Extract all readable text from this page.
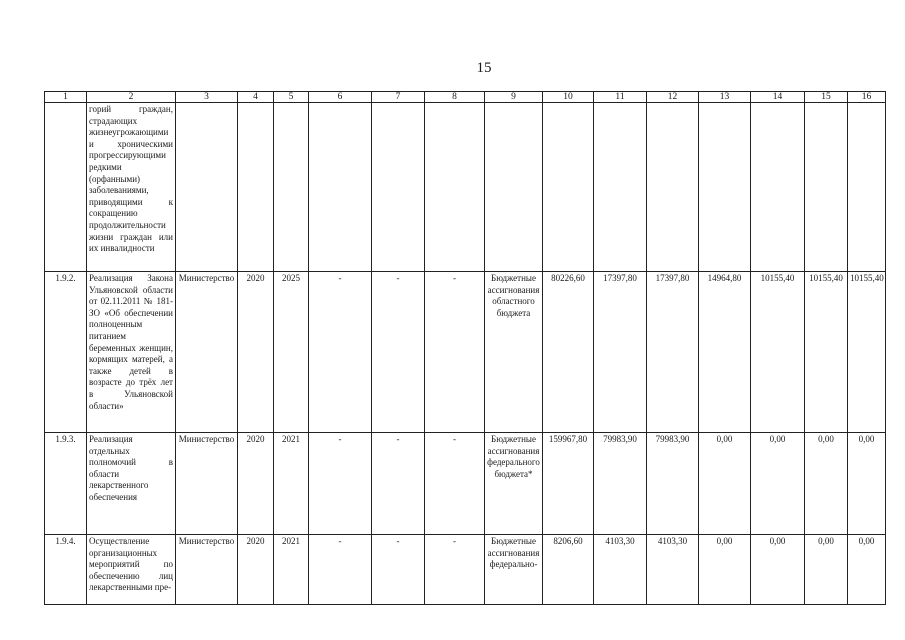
15
1	2	3	4	5	6	7	8	9	10	11	12	13	14	15	16
	горий граждан, страдающих жизнеугрожающими и хроническими прогрессирующими редкими (орфанными) заболеваниями, приводящими к сокращению продолжительности жизни граждан или их инвалидности														
1.9.2.	Реализация Закона Ульяновской области от 02.11.2011 № 181-ЗО «Об обеспечении полноценным питанием беременных женщин, кормящих матерей, а также детей в возрасте до трёх лет в Ульяновской области»	Министерство	2020	2025	-	-	-	Бюджетные ассигнования областного бюджета	80226,60	17397,80	17397,80	14964,80	10155,40	10155,40	10155,40
1.9.3.	Реализация отдельных полномочий в области лекарственного обеспечения	Министерство	2020	2021	-	-	-	Бюджетные ассигнования федерального бюджета*	159967,80	79983,90	79983,90	0,00	0,00	0,00	0,00
1.9.4.	Осуществление организационных мероприятий по обеспечению лиц лекарственными пре-	Министерство	2020	2021	-	-	-	Бюджетные ассигнования федерально-	8206,60	4103,30	4103,30	0,00	0,00	0,00	0,00
